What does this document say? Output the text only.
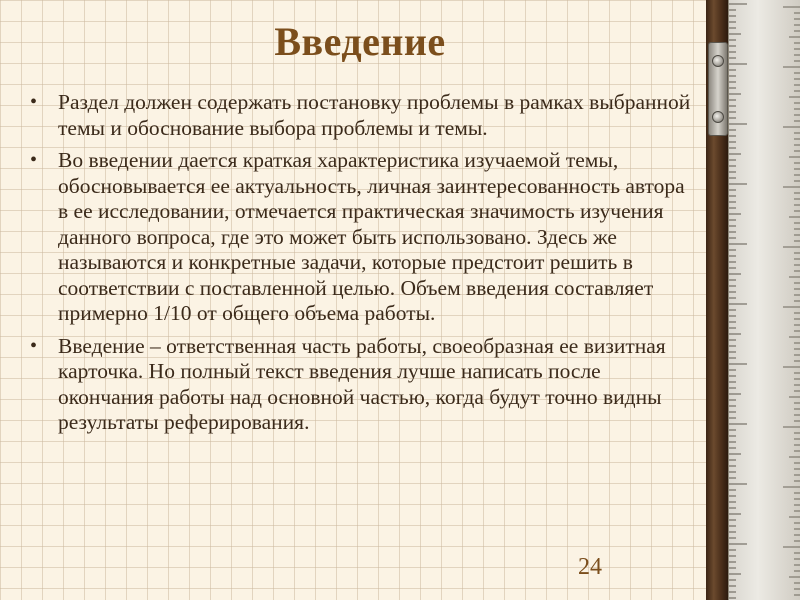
Введение
• Раздел должен содержать постановку проблемы в рамках выбранной темы и обоснование выбора проблемы и темы.
• Во введении дается краткая характеристика изучаемой темы, обосновывается ее актуальность, личная заинтересованность автора в ее исследовании, отмечается практическая значимость изучения данного вопроса, где это может быть использовано. Здесь же называются и конкретные задачи, которые предстоит решить в соответствии с поставленной целью. Объем введения составляет примерно 1/10 от общего объема работы.
• Введение – ответственная часть работы, своеобразная ее визитная карточка. Но полный текст введения лучше написать после окончания работы над основной частью, когда будут точно видны результаты реферирования.
24
